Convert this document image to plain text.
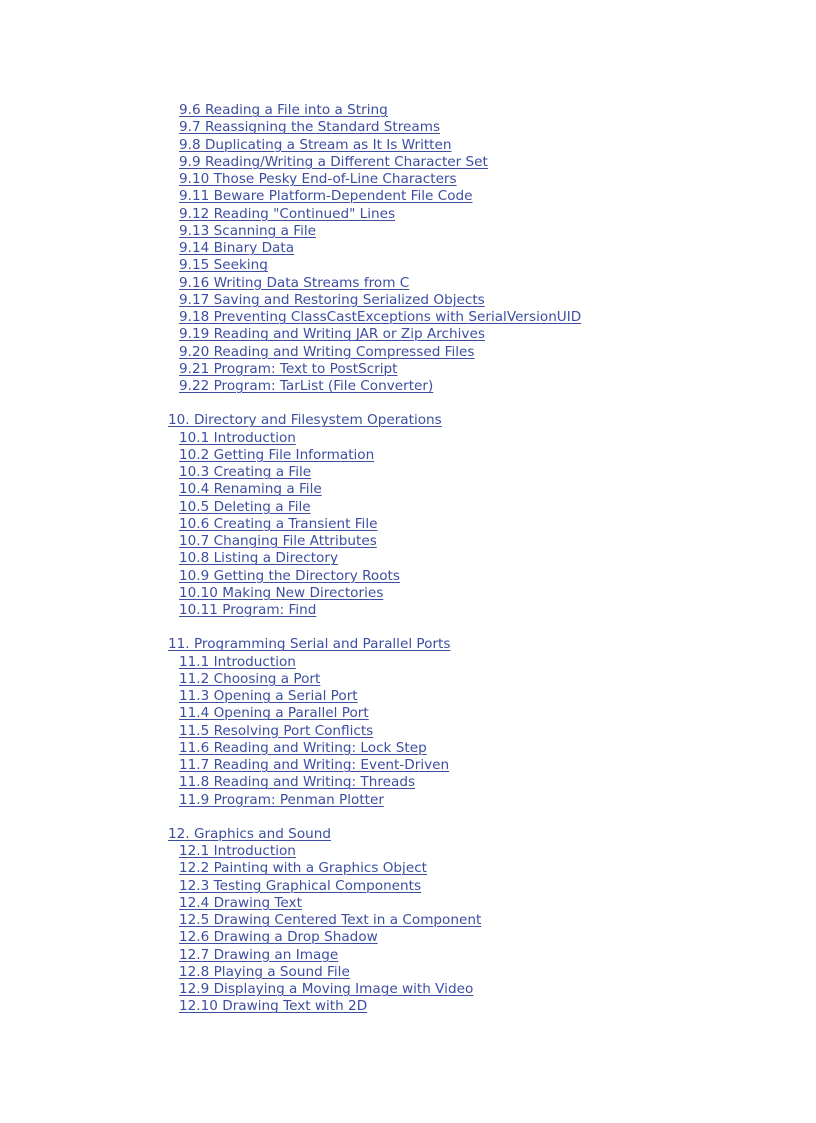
9.6 Reading a File into a String
9.7 Reassigning the Standard Streams
9.8 Duplicating a Stream as It Is Written
9.9 Reading/Writing a Different Character Set
9.10 Those Pesky End-of-Line Characters
9.11 Beware Platform-Dependent File Code
9.12 Reading "Continued" Lines
9.13 Scanning a File
9.14 Binary Data
9.15 Seeking
9.16 Writing Data Streams from C
9.17 Saving and Restoring Serialized Objects
9.18 Preventing ClassCastExceptions with SerialVersionUID
9.19 Reading and Writing JAR or Zip Archives
9.20 Reading and Writing Compressed Files
9.21 Program: Text to PostScript
9.22 Program: TarList (File Converter)
10. Directory and Filesystem Operations
10.1 Introduction
10.2 Getting File Information
10.3 Creating a File
10.4 Renaming a File
10.5 Deleting a File
10.6 Creating a Transient File
10.7 Changing File Attributes
10.8 Listing a Directory
10.9 Getting the Directory Roots
10.10 Making New Directories
10.11 Program: Find
11. Programming Serial and Parallel Ports
11.1 Introduction
11.2 Choosing a Port
11.3 Opening a Serial Port
11.4 Opening a Parallel Port
11.5 Resolving Port Conflicts
11.6 Reading and Writing: Lock Step
11.7 Reading and Writing: Event-Driven
11.8 Reading and Writing: Threads
11.9 Program: Penman Plotter
12. Graphics and Sound
12.1 Introduction
12.2 Painting with a Graphics Object
12.3 Testing Graphical Components
12.4 Drawing Text
12.5 Drawing Centered Text in a Component
12.6 Drawing a Drop Shadow
12.7 Drawing an Image
12.8 Playing a Sound File
12.9 Displaying a Moving Image with Video
12.10 Drawing Text with 2D
